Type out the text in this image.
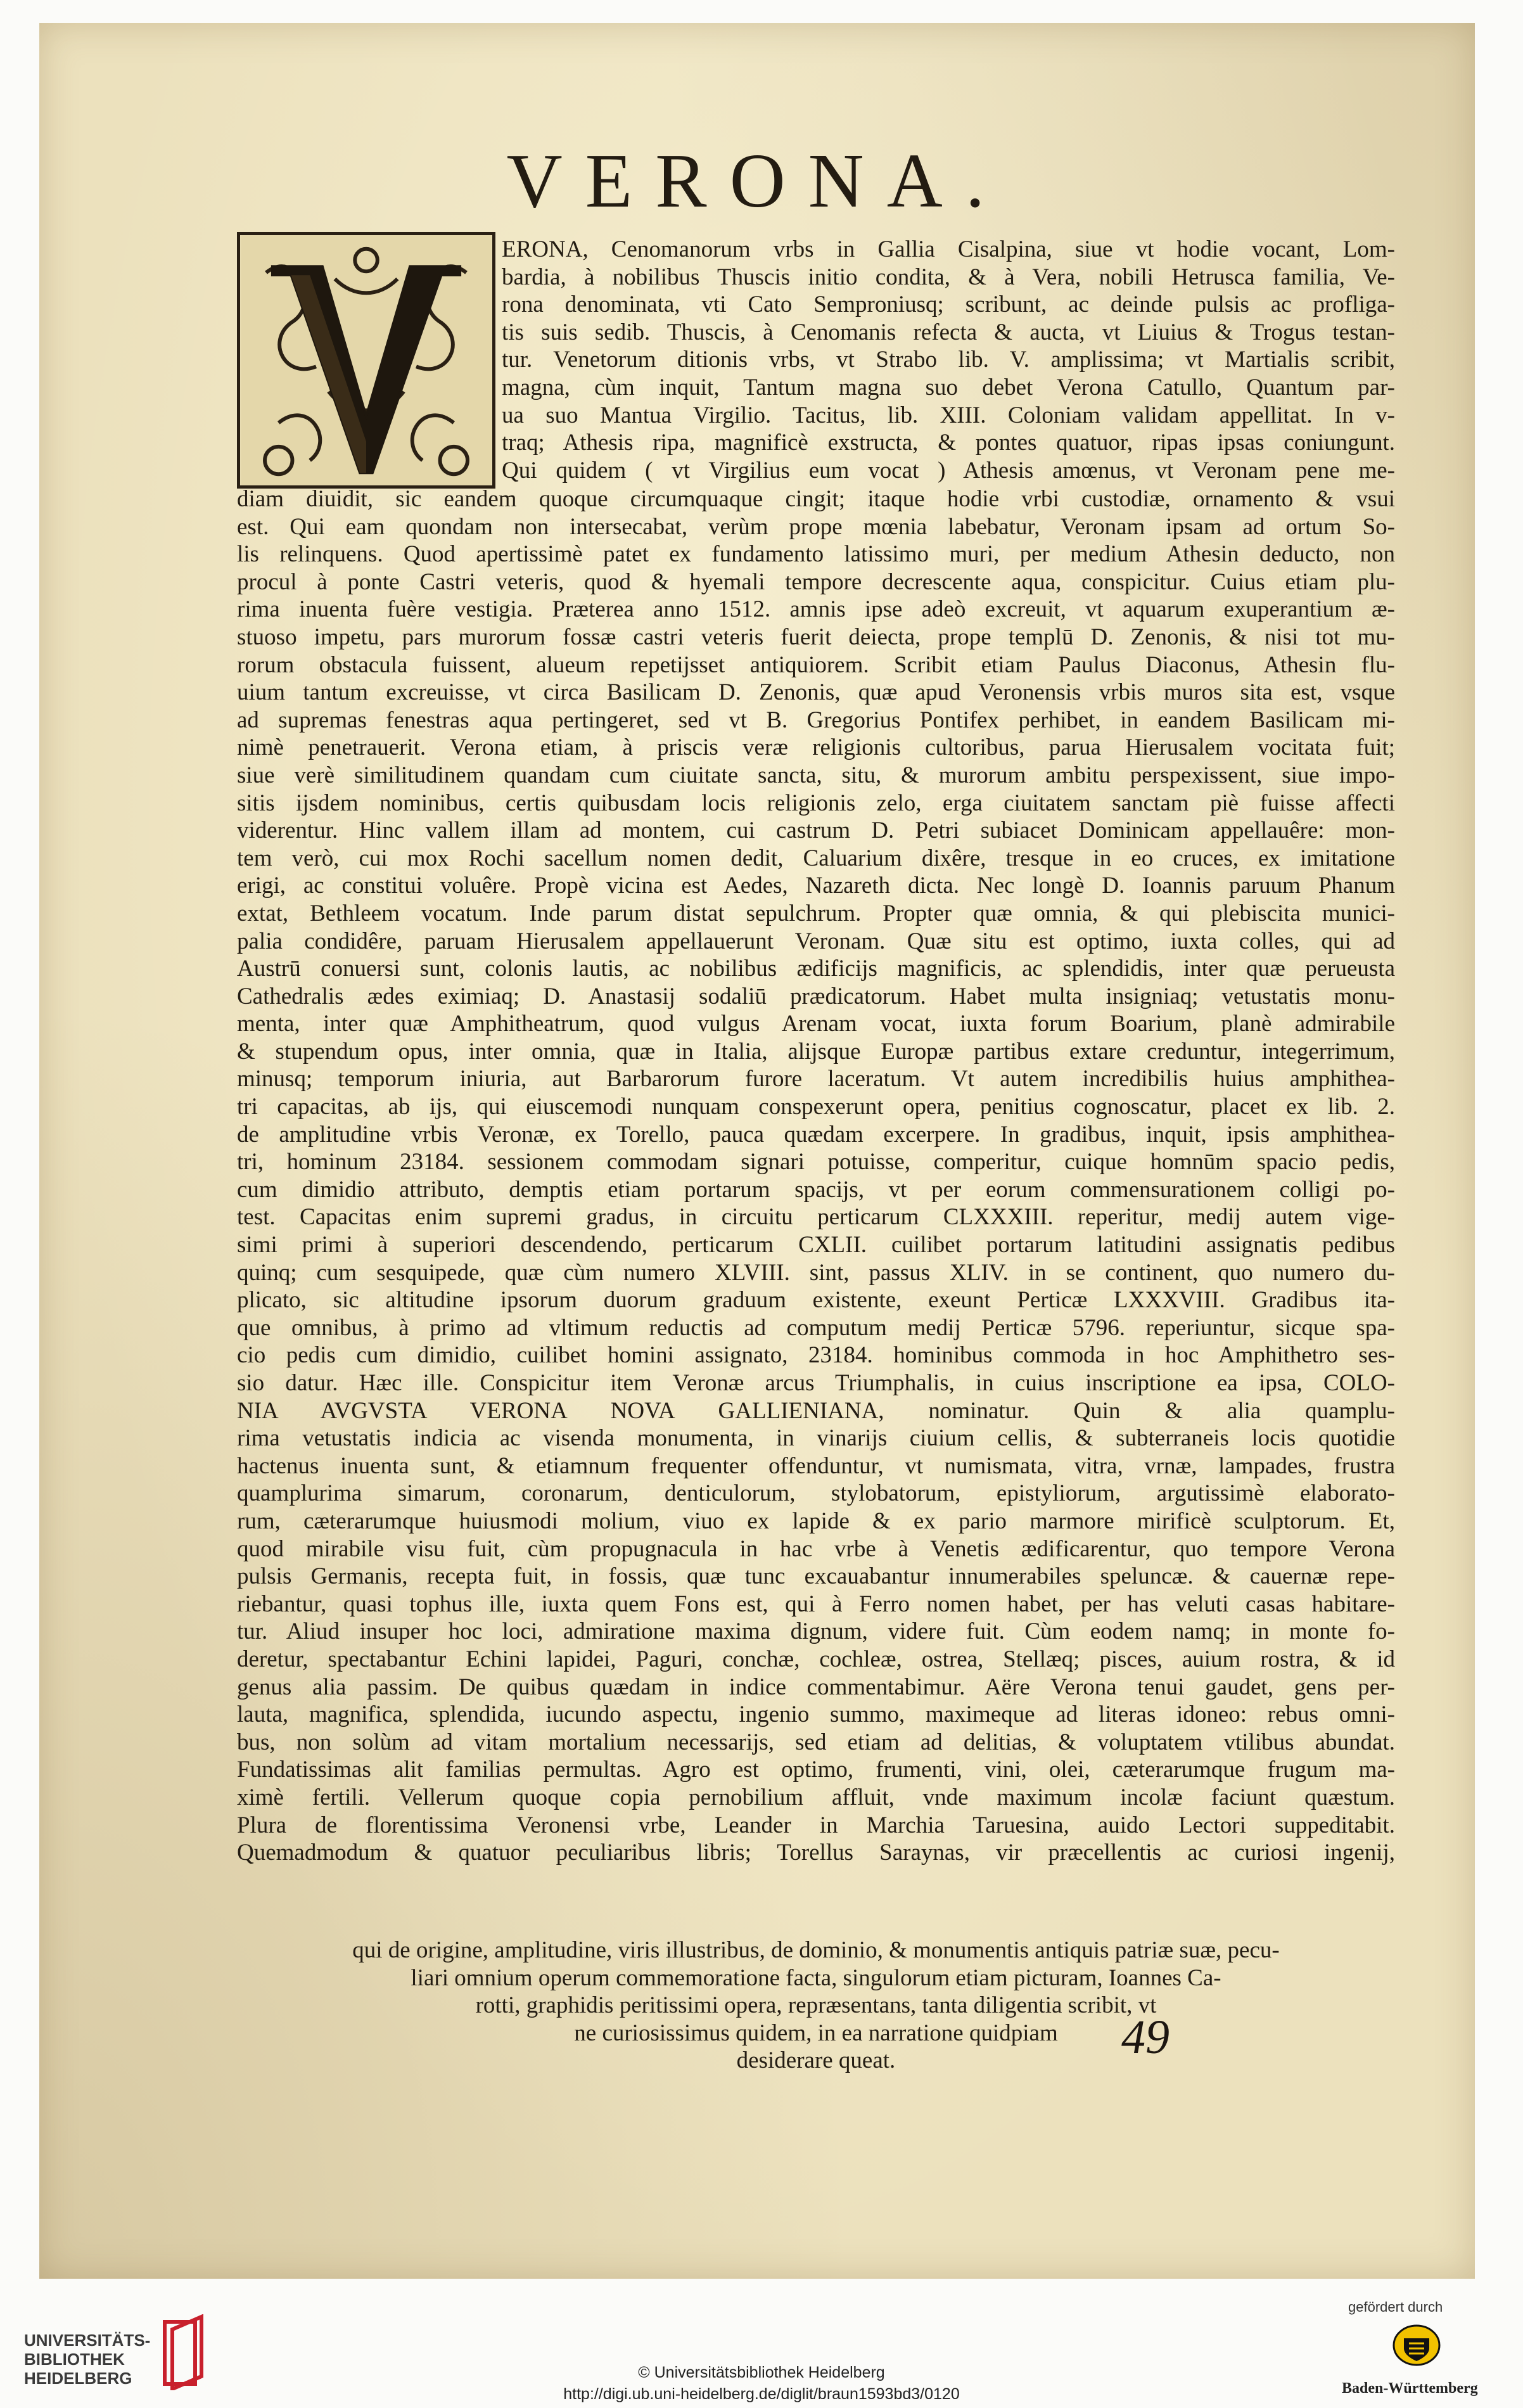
VERONA.
ERONA, Cenomanorum vrbs in Gallia Cisalpina, siue vt hodie vocant, Lom-
bardia, à nobilibus Thuscis initio condita, & à Vera, nobili Hetrusca familia, Ve-
rona denominata, vti Cato Semproniusq; scribunt, ac deinde pulsis ac profliga-
tis suis sedib. Thuscis, à Cenomanis refecta & aucta, vt Liuius & Trogus testan-
tur. Venetorum ditionis vrbs, vt Strabo lib. V. amplissima; vt Martialis scribit,
magna, cùm inquit, Tantum magna suo debet Verona Catullo, Quantum par-
ua suo Mantua Virgilio. Tacitus, lib. XIII. Coloniam validam appellitat. In v-
traq; Athesis ripa, magnificè exstructa, & pontes quatuor, ripas ipsas coniungunt.
Qui quidem ( vt Virgilius eum vocat ) Athesis amœnus, vt Veronam pene me-
diam diuidit, sic eandem quoque circumquaque cingit; itaque hodie vrbi custodiæ, ornamento & vsui
est. Qui eam quondam non intersecabat, verùm prope mœnia labebatur, Veronam ipsam ad ortum So-
lis relinquens. Quod apertissimè patet ex fundamento latissimo muri, per medium Athesin deducto, non
procul à ponte Castri veteris, quod & hyemali tempore decrescente aqua, conspicitur. Cuius etiam plu-
rima inuenta fuère vestigia. Præterea anno 1512. amnis ipse adeò excreuit, vt aquarum exuperantium æ-
stuoso impetu, pars murorum fossæ castri veteris fuerit deiecta, prope templū D. Zenonis, & nisi tot mu-
rorum obstacula fuissent, alueum repetijsset antiquiorem. Scribit etiam Paulus Diaconus, Athesin flu-
uium tantum excreuisse, vt circa Basilicam D. Zenonis, quæ apud Veronensis vrbis muros sita est, vsque
ad supremas fenestras aqua pertingeret, sed vt B. Gregorius Pontifex perhibet, in eandem Basilicam mi-
nimè penetrauerit. Verona etiam, à priscis veræ religionis cultoribus, parua Hierusalem vocitata fuit;
siue verè similitudinem quandam cum ciuitate sancta, situ, & murorum ambitu perspexissent, siue impo-
sitis ijsdem nominibus, certis quibusdam locis religionis zelo, erga ciuitatem sanctam piè fuisse affecti
viderentur. Hinc vallem illam ad montem, cui castrum D. Petri subiacet Dominicam appellauêre: mon-
tem verò, cui mox Rochi sacellum nomen dedit, Caluarium dixêre, tresque in eo cruces, ex imitatione
erigi, ac constitui voluêre. Propè vicina est Aedes, Nazareth dicta. Nec longè D. Ioannis paruum Phanum
extat, Bethleem vocatum. Inde parum distat sepulchrum. Propter quæ omnia, & qui plebiscita munici-
palia condidêre, paruam Hierusalem appellauerunt Veronam. Quæ situ est optimo, iuxta colles, qui ad
Austrū conuersi sunt, colonis lautis, ac nobilibus ædificijs magnificis, ac splendidis, inter quæ perueusta
Cathedralis ædes eximiaq; D. Anastasij sodaliū prædicatorum. Habet multa insigniaq; vetustatis monu-
menta, inter quæ Amphitheatrum, quod vulgus Arenam vocat, iuxta forum Boarium, planè admirabile
& stupendum opus, inter omnia, quæ in Italia, alijsque Europæ partibus extare creduntur, integerrimum,
minusq; temporum iniuria, aut Barbarorum furore laceratum. Vt autem incredibilis huius amphithea-
tri capacitas, ab ijs, qui eiuscemodi nunquam conspexerunt opera, penitius cognoscatur, placet ex lib. 2.
de amplitudine vrbis Veronæ, ex Torello, pauca quædam excerpere. In gradibus, inquit, ipsis amphithea-
tri, hominum 23184. sessionem commodam signari potuisse, comperitur, cuique homnūm spacio pedis,
cum dimidio attributo, demptis etiam portarum spacijs, vt per eorum commensurationem colligi po-
test. Capacitas enim supremi gradus, in circuitu perticarum CLXXXIII. reperitur, medij autem vige-
simi primi à superiori descendendo, perticarum CXLII. cuilibet portarum latitudini assignatis pedibus
quinq; cum sesquipede, quæ cùm numero XLVIII. sint, passus XLIV. in se continent, quo numero du-
plicato, sic altitudine ipsorum duorum graduum existente, exeunt Perticæ LXXXVIII. Gradibus ita-
que omnibus, à primo ad vltimum reductis ad computum medij Perticæ 5796. reperiuntur, sicque spa-
cio pedis cum dimidio, cuilibet homini assignato, 23184. hominibus commoda in hoc Amphithetro ses-
sio datur. Hæc ille. Conspicitur item Veronæ arcus Triumphalis, in cuius inscriptione ea ipsa, COLO-
NIA AVGVSTA VERONA NOVA GALLIENIANA, nominatur. Quin & alia quamplu-
rima vetustatis indicia ac visenda monumenta, in vinarijs ciuium cellis, & subterraneis locis quotidie
hactenus inuenta sunt, & etiamnum frequenter offenduntur, vt numismata, vitra, vrnæ, lampades, frustra
quamplurima simarum, coronarum, denticulorum, stylobatorum, epistyliorum, argutissimè elaborato-
rum, cæterarumque huiusmodi molium, viuo ex lapide & ex pario marmore mirificè sculptorum. Et,
quod mirabile visu fuit, cùm propugnacula in hac vrbe à Venetis ædificarentur, quo tempore Verona
pulsis Germanis, recepta fuit, in fossis, quæ tunc excauabantur innumerabiles speluncæ. & cauernæ repe-
riebantur, quasi tophus ille, iuxta quem Fons est, qui à Ferro nomen habet, per has veluti casas habitare-
tur. Aliud insuper hoc loci, admiratione maxima dignum, videre fuit. Cùm eodem namq; in monte fo-
deretur, spectabantur Echini lapidei, Paguri, conchæ, cochleæ, ostrea, Stellæq; pisces, auium rostra, & id
genus alia passim. De quibus quædam in indice commentabimur. Aëre Verona tenui gaudet, gens per-
lauta, magnifica, splendida, iucundo aspectu, ingenio summo, maximeque ad literas idoneo: rebus omni-
bus, non solùm ad vitam mortalium necessarijs, sed etiam ad delitias, & voluptatem vtilibus abundat.
Fundatissimas alit familias permultas. Agro est optimo, frumenti, vini, olei, cæterarumque frugum ma-
ximè fertili. Vellerum quoque copia pernobilium affluit, vnde maximum incolæ faciunt quæstum.
Plura de florentissima Veronensi vrbe, Leander in Marchia Taruesina, auido Lectori suppeditabit.
Quemadmodum & quatuor peculiaribus libris; Torellus Saraynas, vir præcellentis ac curiosi ingenij,
qui de origine, amplitudine, viris illustribus, de dominio, & monumentis antiquis patriæ suæ, pecu-
liari omnium operum commemoratione facta, singulorum etiam picturam, Ioannes Ca-
rotti, graphidis peritissimi opera, repræsentans, tanta diligentia scribit, vt
ne curiosissimus quidem, in ea narratione quidpiam
desiderare queat.	49
UNIVERSITÄTS-
BIBLIOTHEK
HEIDELBERG	© Universitätsbibliothek Heidelberg
http://digi.ub.uni-heidelberg.de/diglit/braun1593bd3/0120
gefördert durch
Baden-Württemberg
